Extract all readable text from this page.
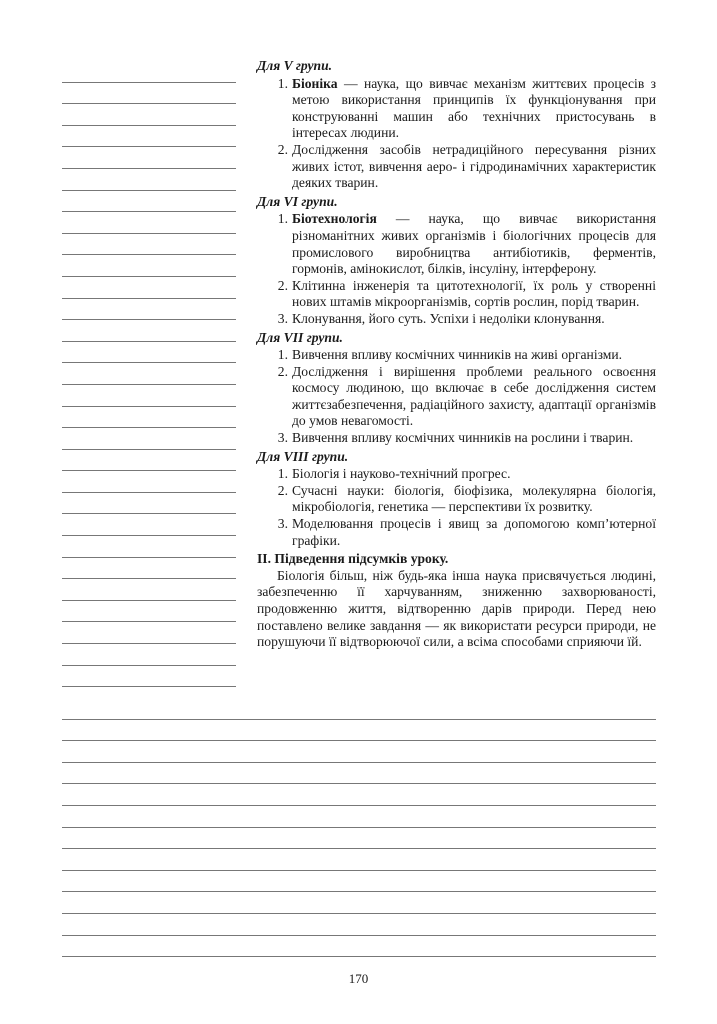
Для V групи.

1. Біоніка — наука, що вивчає механізм життєвих процесів з метою використання принципів їх функціонування при конструюванні машин або технічних пристосувань в інтересах людини.
2. Дослідження засобів нетрадиційного пересування різних живих істот, вивчення аеро- і гідродинамічних характеристик деяких тварин.

Для VI групи.

1. Біотехнологія — наука, що вивчає використання різноманітних живих організмів і біологічних процесів для промислового виробництва антибіотиків, ферментів, гормонів, амінокислот, білків, інсуліну, інтерферону.
2. Клітинна інженерія та цитотехнології, їх роль у створенні нових штамів мікроорганізмів, сортів рослин, порід тварин.
3. Клонування, його суть. Успіхи і недоліки клонування.

Для VII групи.

1. Вивчення впливу космічних чинників на живі організми.
2. Дослідження і вирішення проблеми реального освоєння космосу людиною, що включає в себе дослідження систем життєзабезпечення, радіаційного захисту, адаптації організмів до умов невагомості.
3. Вивчення впливу космічних чинників на рослини і тварин.

Для VIII групи.

1. Біологія і науково-технічний прогрес.
2. Сучасні науки: біологія, біофізика, молекулярна біологія, мікробіологія, генетика — перспективи їх розвитку.
3. Моделювання процесів і явищ за допомогою комп’ютерної графіки.

ІІ. Підведення підсумків уроку.

Біологія більш, ніж будь-яка інша наука присвячується людині, забезпеченню її харчуванням, зниженню захворюваності, продовженню життя, відтворенню дарів природи. Перед нею поставлено велике завдання — як використати ресурси природи, не порушуючи її відтворюючої сили, а всіма способами сприяючи їй.

170
